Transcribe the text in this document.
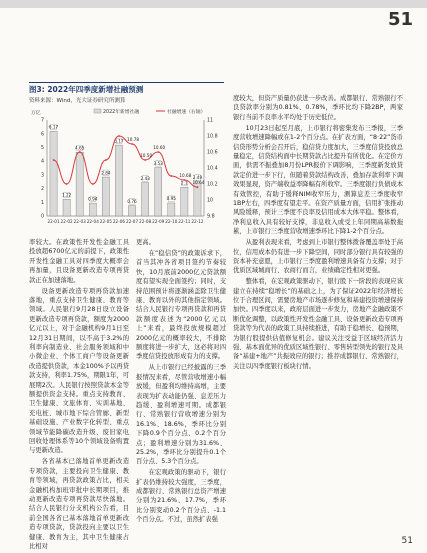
51
图3: 2022年四季度新增社融预测
资料来源：Wind，光大证券研究所测算
2022年新增社融	社融增速（右轴）
万亿
0
1
2
3
4
5
6
7
9.8
10
10.2
10.4
10.6
10.8
11
6.17
1.22
4.65
0.94
2.84
5.17
0.76
2.43
3.53
0.95
2.1
2.49
10.78
10.50
10.60
10.68
10.64
22-01 22-02 22-03 22-04 22-05 22-06 22-07 22-08 22-09 22-10 22-11 22-12

率较大。在政策性开发性金融工具投放超6700亿元的前提下，政策性开发性金融工具对四季度大概率会再加量，且设备更新改造专项再贷款正在加速落地。

设备更新改造专项再贷款加速落地，重点支持卫生健康、教育等领域。人民银行9月28日设立设备更新改造专项再贷款，额度为2000亿元以上，对于金融机构9月1日至12月31日期间，以不高于3.2%的利率向制造业、社会服务领域和中小微企业、个体工商户等设备更新改造提供贷款，本金100%予以再贷款支持，利率1.75%，期限1年，可展期2次。人民银行按照贷款本金等额提供资金支持。重点支持教育、卫生健康、文旅体育、实训基地、充电桩、城市地下综合管廊、新型基础设施、产业数字化转型、重点领域节能降碳改造升级、废旧家电回收处理体系等10个领域设备购置与更新改造。

各省基本已落地首单更新改造专项贷款，主要投向卫生健康、教育等领域，再贷款政策占比，相关金融机构加班审批中长期项目，推动更新改造专项再贷款尽快落地。结合人民银行分支机构公告看，目前全国各省已基本落地首单更新改造专项贷款，贷款投向主要以卫生健康、教育为主，其中卫生健康占比相对

更高。

在“稳信贷”的政策诉求下，首当其冲各省项目签约节奏较快，10月底前2000亿元贷款额度有望实现全面签约；同时，支持范围预计将逐渐涵盖除卫生健康、教育以外的其他指定领域。结合人民银行专项再贷款和再贷款额度表述为“2000亿元以上”来看，最终投放规模超过2000亿元的概率较大，不排除额度将进一步扩大，这必将对四季度信贷投放形成有力的支撑。

从上市银行已经披露的三季报情况来看，尽管营收增速小幅放缓，但盈利均维持高增，主要表现为扩表动能仍强、息差压力趋缓、盈利增速可期。成都银行、常熟银行营收增速分别为16.1%、18.6%，季环比分别下降0.9个百分点、0.2个百分点；盈利增速分别为31.6%、25.2%，季环比分别提升0.1个百分点、5.3个百分点。

在宏观政策的驱动下，银行扩表仍维持较大强度，三季度，成都银行、常熟银行总资产增速分别为21.6%、17.7%，季环比分别变动0.2个百分点、-1.1个百分点。不过，虽然扩表强

度较大，但资产质量仍获进一步改善。成都银行、常熟银行不良贷款率分别为0.81%、0.78%，季环比均下降2BP，两家银行当前不良率水平均处于历史低位。

10月23日起至月底，上市银行将密集发布三季报，三季度营收增速降幅或在1-2个百分点。在扩表方面，“8·22”货币信贷形势分析会召开后，稳信贷力度加大，三季度信贷投放总量稳定，信贷结构面中长期贷款占比提升有所优化。在定价方面，供需不振叠加8月份LPR报价下调影响，三季度新发放贷款定价进一步下行，但随着贷款结构改善，叠加存款利率下调效果显现，资产端收益率降幅有所收窄。三季度银行负债成本有效管控，有助于缓释NIM收窄压力，测算息差三季度收窄1BP左右，四季度有望走平。在资产质量方面，信用扩张推动风险缓释，预计三季度不良率及信用成本大体平稳。整体看，净利息收入具有较好支撑，非息收入或受上年同期高基数拖累，上市银行三季度营收增速季环比下降1-2个百分点。

从盈利表现来看，考虑到上市银行整体拨备覆盖率处于高位，信用成本仍有进一步下降空间，同时部分银行具有较强的资本补充意愿，上市银行三季度盈利增速具备有力支撑；对于优质区域城商行、农商行而言，业绩确定性相对更强。

整体看，在宏观政策驱动下，银行股下一阶段的表现应该建立在持续“稳增长”的基础之上，为了保证2022年经济增长位于合理区间，需要房地产市场逐步修复和基建投资增速保持加快。四季度以来，政府层面进一步发力，房地产金融政策不断优化调整，以政策性开发性金融工具、设备更新改造专项再贷款等为代表的政策工具持续推进，有助于稳增长、稳预期，为银行股提供估值修复机会。建议关注受益于区域经济活力强、基本面优异的优质区域性银行、零售转型领先的银行及具备“基建+地产”共振效应的银行；推荐成都银行、常熟银行，关注以四季度银行板块行情。

51
